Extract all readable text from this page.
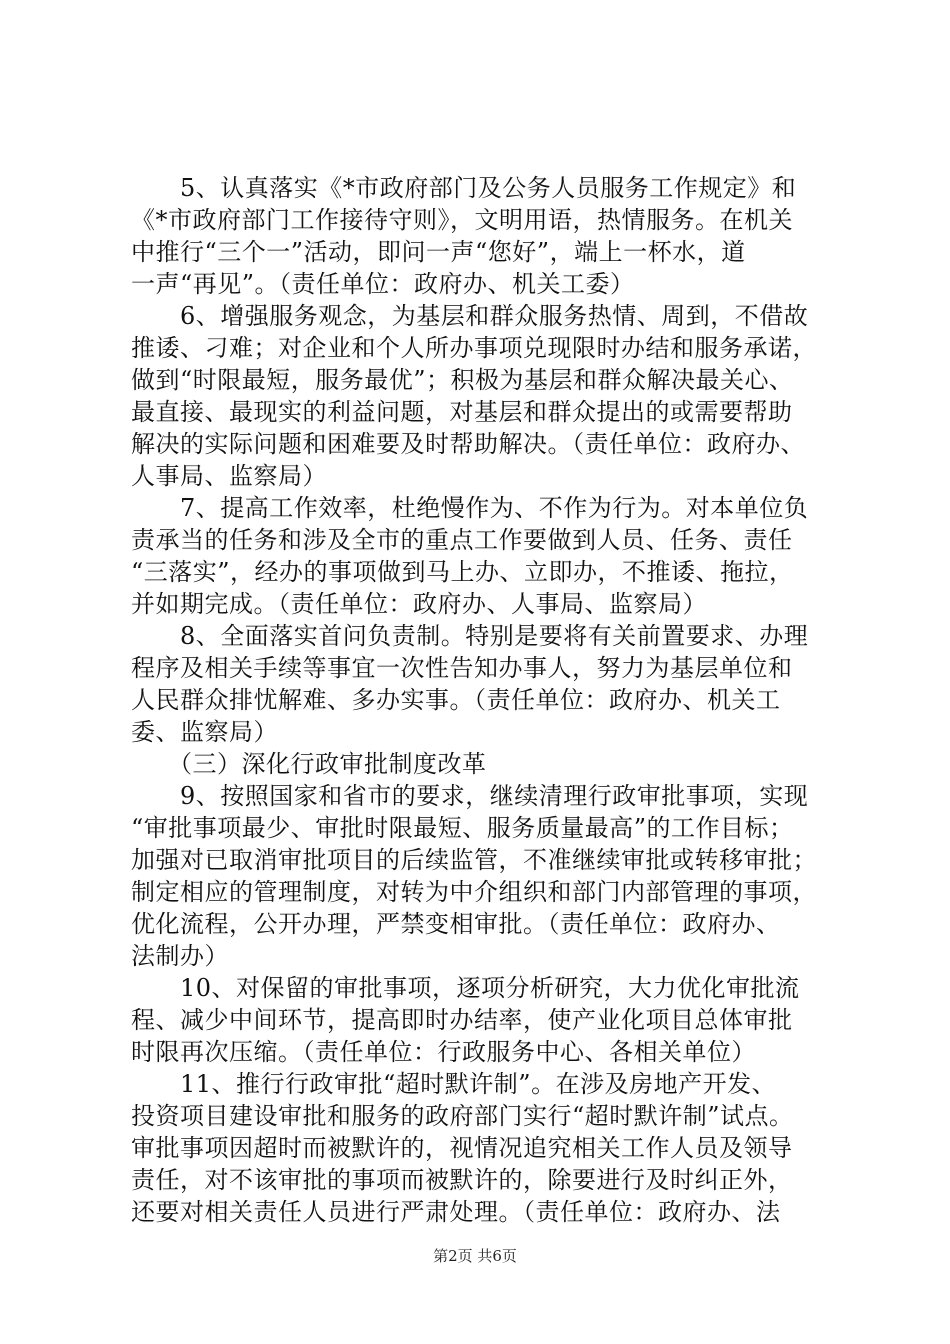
　　5、认真落实《*市政府部门及公务人员服务工作规定》和
《*市政府部门工作接待守则》，文明用语，热情服务。在机关
中推行“三个一”活动，即问一声“您好”，端上一杯水，道
一声“再见”。（责任单位：政府办、机关工委）
　　6、增强服务观念，为基层和群众服务热情、周到，不借故
推诿、刁难；对企业和个人所办事项兑现限时办结和服务承诺，
做到“时限最短，服务最优”；积极为基层和群众解决最关心、
最直接、最现实的利益问题，对基层和群众提出的或需要帮助
解决的实际问题和困难要及时帮助解决。（责任单位：政府办、
人事局、监察局）
　　7、提高工作效率，杜绝慢作为、不作为行为。对本单位负
责承当的任务和涉及全市的重点工作要做到人员、任务、责任
“三落实”，经办的事项做到马上办、立即办，不推诿、拖拉，
并如期完成。（责任单位：政府办、人事局、监察局）
　　8、全面落实首问负责制。特别是要将有关前置要求、办理
程序及相关手续等事宜一次性告知办事人，努力为基层单位和
人民群众排忧解难、多办实事。（责任单位：政府办、机关工
委、监察局）
　　（三）深化行政审批制度改革
　　9、按照国家和省市的要求，继续清理行政审批事项，实现
“审批事项最少、审批时限最短、服务质量最高”的工作目标；
加强对已取消审批项目的后续监管，不准继续审批或转移审批；
制定相应的管理制度，对转为中介组织和部门内部管理的事项，
优化流程，公开办理，严禁变相审批。（责任单位：政府办、
法制办）
　　10、对保留的审批事项，逐项分析研究，大力优化审批流
程、减少中间环节，提高即时办结率，使产业化项目总体审批
时限再次压缩。（责任单位：行政服务中心、各相关单位）
　　11、推行行政审批“超时默许制”。在涉及房地产开发、
投资项目建设审批和服务的政府部门实行“超时默许制”试点。
审批事项因超时而被默许的，视情况追究相关工作人员及领导
责任，对不该审批的事项而被默许的，除要进行及时纠正外，
还要对相关责任人员进行严肃处理。（责任单位：政府办、法
第2页 共6页
